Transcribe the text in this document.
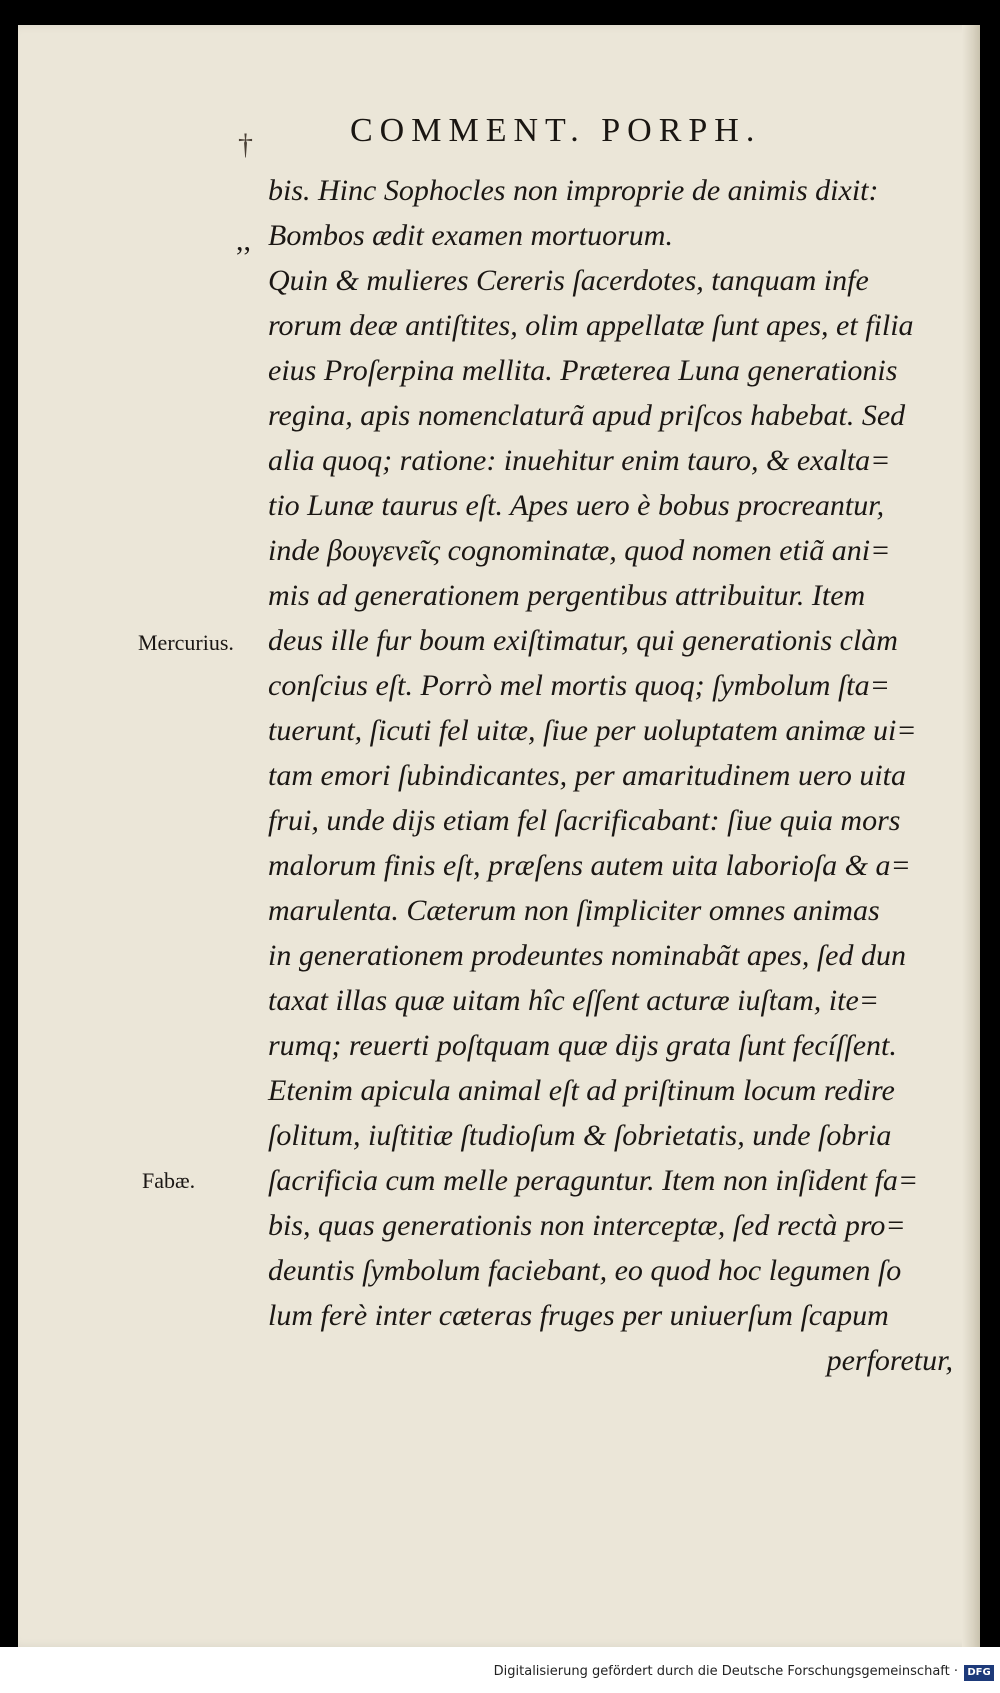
†	COMMENT. PORPH.
,,
Mercurius.
Fabæ.
bis. Hinc Sophocles non improprie de animis dixit:
Bombos ædit examen mortuorum.
Quin & mulieres Cereris ſacerdotes, tanquam infe
rorum deæ antiſtites, olim appellatæ ſunt apes, et filia
eius Proſerpina mellita. Præterea Luna generationis
regina, apis nomenclaturã apud priſcos habebat. Sed
alia quoq; ratione: inuehitur enim tauro, & exalta=
tio Lunæ taurus eſt. Apes uero è bobus procreantur,
inde βουγενεῖς cognominatæ, quod nomen etiã ani=
mis ad generationem pergentibus attribuitur. Item
deus ille fur boum exiſtimatur, qui generationis clàm
conſcius eſt. Porrò mel mortis quoq; ſymbolum ſta=
tuerunt, ſicuti fel uitæ, ſiue per uoluptatem animæ ui=
tam emori ſubindicantes, per amaritudinem uero uita
frui, unde dijs etiam fel ſacrificabant: ſiue quia mors
malorum finis eſt, præſens autem uita laborioſa & a=
marulenta. Cæterum non ſimpliciter omnes animas
in generationem prodeuntes nominabãt apes, ſed dun
taxat illas quæ uitam hîc eſſent acturæ iuſtam, ite=
rumq; reuerti poſtquam quæ dijs grata ſunt fecíſſent.
Etenim apicula animal eſt ad priſtinum locum redire
ſolitum, iuſtitiæ ſtudioſum & ſobrietatis, unde ſobria
ſacrificia cum melle peraguntur. Item non inſident fa=
bis, quas generationis non interceptæ, ſed rectà pro=
deuntis ſymbolum faciebant, eo quod hoc legumen ſo
lum ferè inter cæteras fruges per uniuerſum ſcapum
perforetur,
Digitalisierung gefördert durch die Deutsche Forschungsgemeinschaft · DFG
